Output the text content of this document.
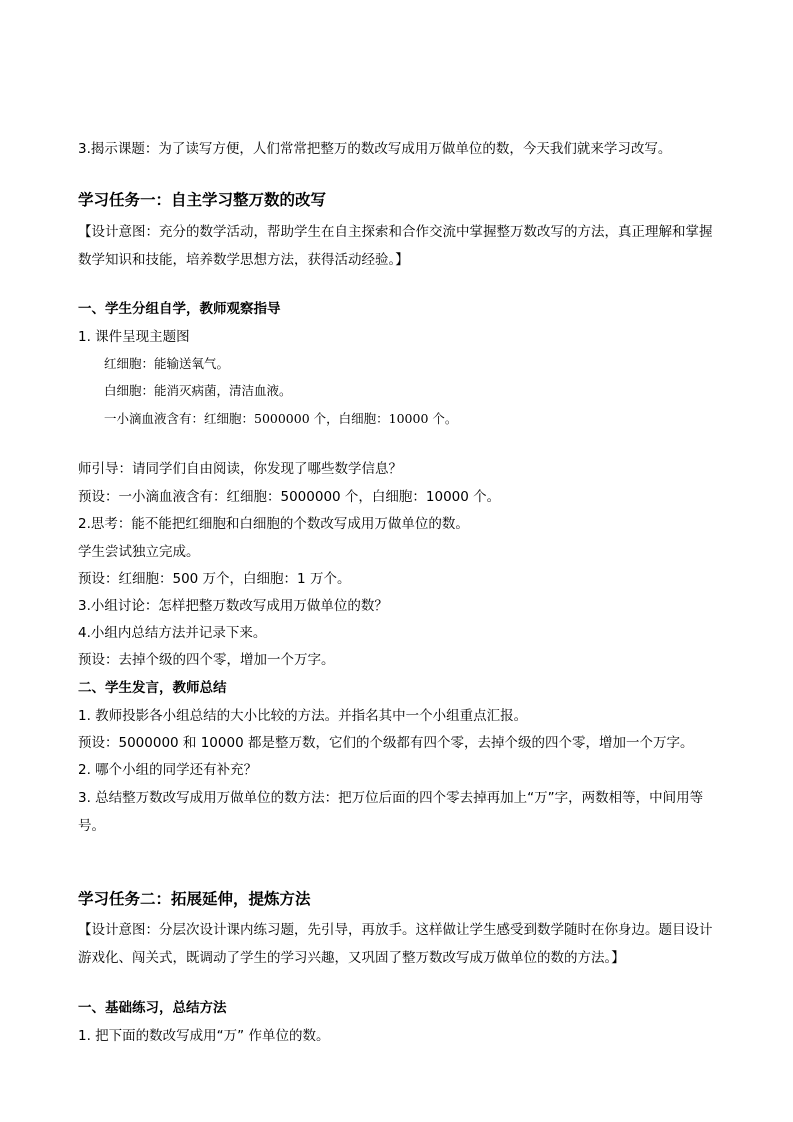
3.揭示课题：为了读写方便，人们常常把整万的数改写成用万做单位的数，今天我们就来学习改写。
学习任务一：自主学习整万数的改写
【设计意图：充分的数学活动，帮助学生在自主探索和合作交流中掌握整万数改写的方法，真正理解和掌握数学知识和技能，培养数学思想方法，获得活动经验。】
一、学生分组自学，教师观察指导
1. 课件呈现主题图
红细胞：能输送氧气。
白细胞：能消灭病菌，清洁血液。
一小滴血液含有：红细胞：5000000 个，白细胞：10000 个。
师引导：请同学们自由阅读，你发现了哪些数学信息？
预设：一小滴血液含有：红细胞：5000000 个，白细胞：10000 个。
2.思考：能不能把红细胞和白细胞的个数改写成用万做单位的数。
学生尝试独立完成。
预设：红细胞：500 万个，白细胞：1 万个。
3.小组讨论：怎样把整万数改写成用万做单位的数？
4.小组内总结方法并记录下来。
预设：去掉个级的四个零，增加一个万字。
二、学生发言，教师总结
1. 教师投影各小组总结的大小比较的方法。并指名其中一个小组重点汇报。
预设：5000000 和 10000 都是整万数，它们的个级都有四个零，去掉个级的四个零，增加一个万字。
2. 哪个小组的同学还有补充？
3. 总结整万数改写成用万做单位的数方法：把万位后面的四个零去掉再加上“万”字，两数相等，中间用等号。
学习任务二：拓展延伸，提炼方法
【设计意图：分层次设计课内练习题，先引导，再放手。这样做让学生感受到数学随时在你身边。题目设计游戏化、闯关式，既调动了学生的学习兴趣，又巩固了整万数改写成万做单位的数的方法。】
一、基础练习，总结方法
1. 把下面的数改写成用“万” 作单位的数。
